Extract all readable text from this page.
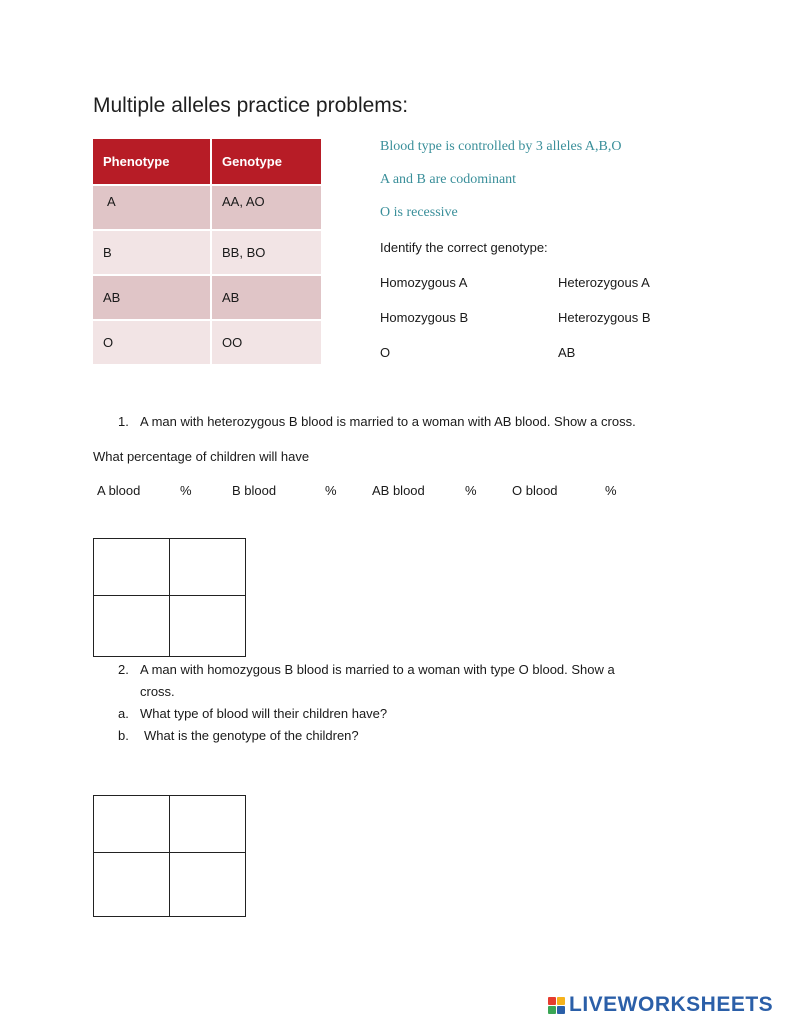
Multiple alleles practice problems:
Phenotype	Genotype
A	AA, AO
B	BB, BO
AB	AB
O	OO
Blood type is controlled by 3 alleles A,B,O
A and B are codominant
O is recessive
Identify the correct genotype:
Homozygous A	Heterozygous A
Homozygous B	Heterozygous B
O	AB
1. A man with heterozygous B blood is married to a woman with AB blood. Show a cross.
What percentage of children will have
A blood	%	B blood	%	AB blood	%	O blood	%

2. A man with homozygous B blood is married to a woman with type O blood. Show a
cross.
a. What type of blood will their children have?
b. What is the genotype of the children?

LIVEWORKSHEETS
